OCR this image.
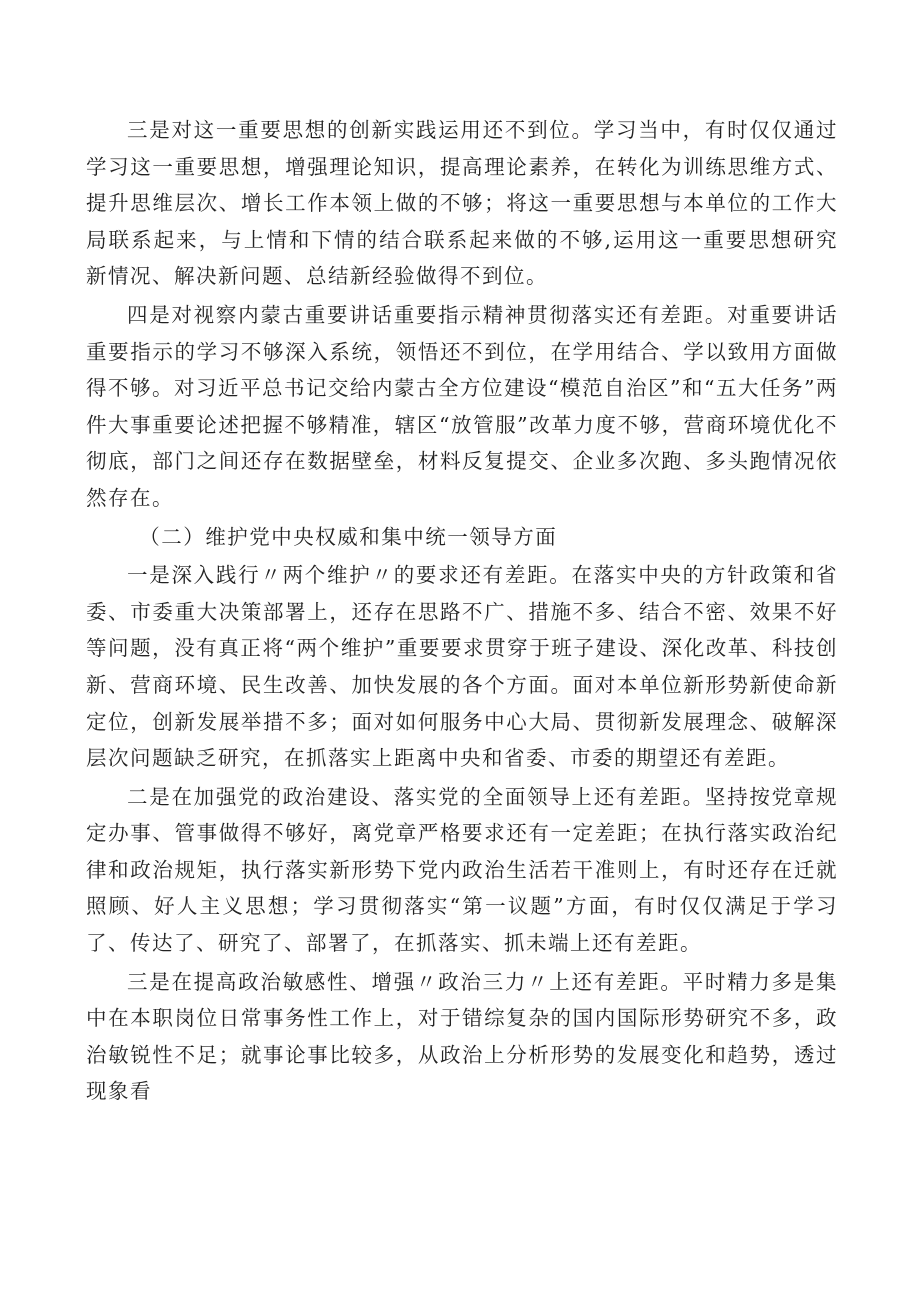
三是对这一重要思想的创新实践运用还不到位。学习当中，有时仅仅通过学习这一重要思想，增强理论知识，提高理论素养，在转化为训练思维方式、提升思维层次、增长工作本领上做的不够；将这一重要思想与本单位的工作大局联系起来，与上情和下情的结合联系起来做的不够,运用这一重要思想研究新情况、解决新问题、总结新经验做得不到位。

四是对视察内蒙古重要讲话重要指示精神贯彻落实还有差距。对重要讲话重要指示的学习不够深入系统，领悟还不到位，在学用结合、学以致用方面做得不够。对习近平总书记交给内蒙古全方位建设“模范自治区”和“五大任务”两件大事重要论述把握不够精准，辖区“放管服”改革力度不够，营商环境优化不彻底，部门之间还存在数据壁垒，材料反复提交、企业多次跑、多头跑情况依然存在。

（二）维护党中央权威和集中统一领导方面

一是深入践行〃两个维护〃的要求还有差距。在落实中央的方针政策和省委、市委重大决策部署上，还存在思路不广、措施不多、结合不密、效果不好等问题，没有真正将“两个维护”重要要求贯穿于班子建设、深化改革、科技创新、营商环境、民生改善、加快发展的各个方面。面对本单位新形势新使命新定位，创新发展举措不多；面对如何服务中心大局、贯彻新发展理念、破解深层次问题缺乏研究，在抓落实上距离中央和省委、市委的期望还有差距。

二是在加强党的政治建设、落实党的全面领导上还有差距。坚持按党章规定办事、管事做得不够好，离党章严格要求还有一定差距；在执行落实政治纪律和政治规矩，执行落实新形势下党内政治生活若干准则上，有时还存在迁就照顾、好人主义思想；学习贯彻落实“第一议题”方面，有时仅仅满足于学习了、传达了、研究了、部署了，在抓落实、抓未端上还有差距。

三是在提高政治敏感性、增强〃政治三力〃上还有差距。平时精力多是集中在本职岗位日常事务性工作上，对于错综复杂的国内国际形势研究不多，政治敏锐性不足；就事论事比较多，从政治上分析形势的发展变化和趋势，透过现象看
